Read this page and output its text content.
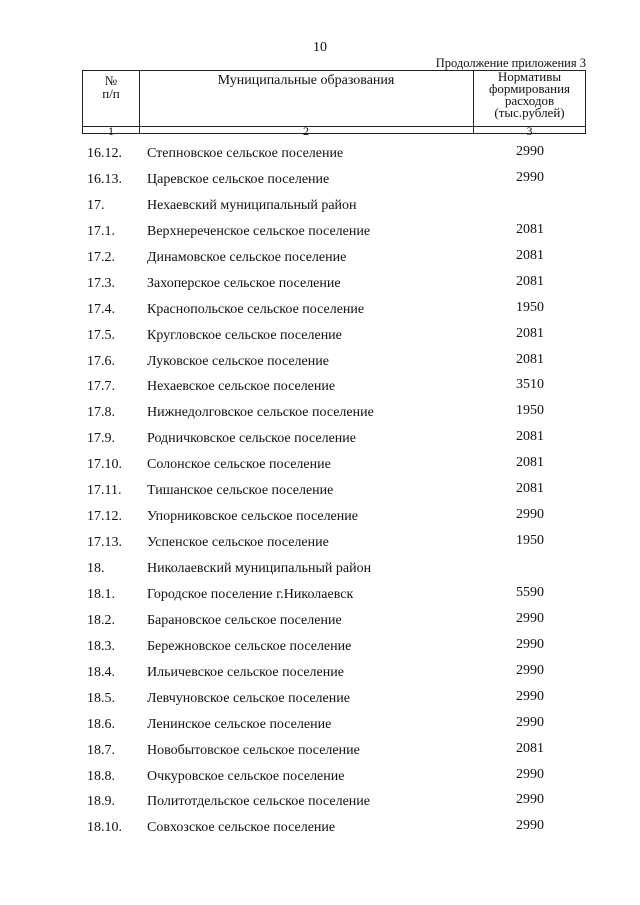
10
Продолжение приложения 3
№
п/п
Муниципальные образования	Нормативы
формирования
расходов
(тыс.рублей)
1	2	3
16.12. Степновское сельское поселение	2990
16.13. Царевское сельское поселение	2990
17.	Нехаевский муниципальный район
17.1. Верхнереченское сельское поселение	2081
17.2. Динамовское сельское поселение	2081
17.3. Захоперское сельское поселение	2081
17.4. Краснопольское сельское поселение	1950
17.5. Кругловское сельское поселение	2081
17.6. Луковское сельское поселение	2081
17.7. Нехаевское сельское поселение	3510
17.8. Нижнедолговское сельское поселение	1950
17.9. Родничковское сельское поселение	2081
17.10. Солонское сельское поселение	2081
17.11. Тишанское сельское поселение	2081
17.12. Упорниковское сельское поселение	2990
17.13. Успенское сельское поселение	1950
18.	Николаевский муниципальный район
18.1. Городское поселение г.Николаевск	5590
18.2. Барановское сельское поселение	2990
18.3. Бережновское сельское поселение	2990
18.4. Ильичевское сельское поселение	2990
18.5. Левчуновское сельское поселение	2990
18.6. Ленинское сельское поселение	2990
18.7. Новобытовское сельское поселение	2081
18.8. Очкуровское сельское поселение	2990
18.9. Политотдельское сельское поселение	2990
18.10. Совхозское сельское поселение	2990
